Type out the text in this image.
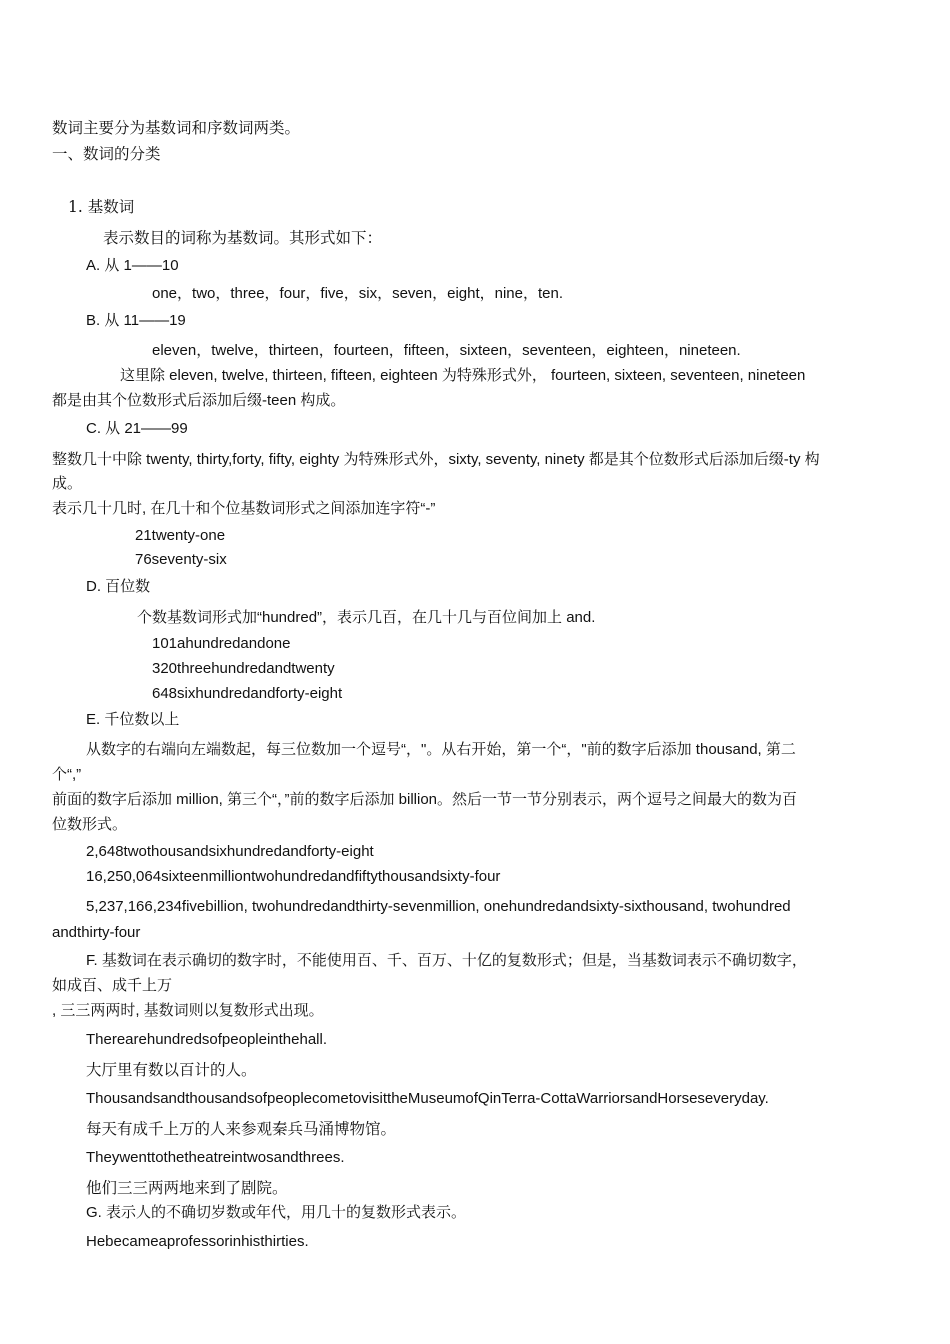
数词主要分为基数词和序数词两类。
一、数词的分类
1. 基数词
表示数目的词称为基数词。其形式如下：
A. 从 1——10
one，two，three，four，five，six，seven，eight，nine，ten.
B. 从 11——19
eleven，twelve，thirteen，fourteen，fifteen，sixteen，seventeen，eighteen，nineteen.
这里除 eleven, twelve, thirteen, fifteen, eighteen 为特殊形式外， fourteen, sixteen, seventeen, nineteen
都是由其个位数形式后添加后缀-teen 构成。
C. 从 21——99
整数几十中除 twenty, thirty,forty, fifty, eighty 为特殊形式外，sixty, seventy, ninety 都是其个位数形式后添加后缀-ty 构
成。
表示几十几时, 在几十和个位基数词形式之间添加连字符“-”
21twenty-one
76seventy-six
D. 百位数
个数基数词形式加“hundred”，表示几百，在几十几与百位间加上 and.
101ahundredandone
320threehundredandtwenty
648sixhundredandforty-eight
E. 千位数以上
从数字的右端向左端数起，每三位数加一个逗号“，"。从右开始，第一个“，"前的数字后添加 thousand, 第二
个“,”
前面的数字后添加 million, 第三个“，”前的数字后添加 billion。然后一节一节分别表示，两个逗号之间最大的数为百
位数形式。
2,648twothousandsixhundredandforty-eight
16,250,064sixteenmilliontwohundredandfiftythousandsixty-four
5,237,166,234fivebillion, twohundredandthirty-sevenmillion, onehundredandsixty-sixthousand, twohundred
andthirty-four
F. 基数词在表示确切的数字时，不能使用百、千、百万、十亿的复数形式；但是，当基数词表示不确切数字，
如成百、成千上万
, 三三两两时, 基数词则以复数形式出现。
Therearehundredsofpeopleinthehall.
大厅里有数以百计的人。
ThousandsandthousandsofpeoplecometovisittheMuseumofQinTerra-CottaWarriorsandHorseseveryday.
每天有成千上万的人来参观秦兵马涌博物馆。
Theywenttothetheatreintwosandthrees.
他们三三两两地来到了剧院。
G. 表示人的不确切岁数或年代，用几十的复数形式表示。
Hebecameaprofessorinhisthirties.
